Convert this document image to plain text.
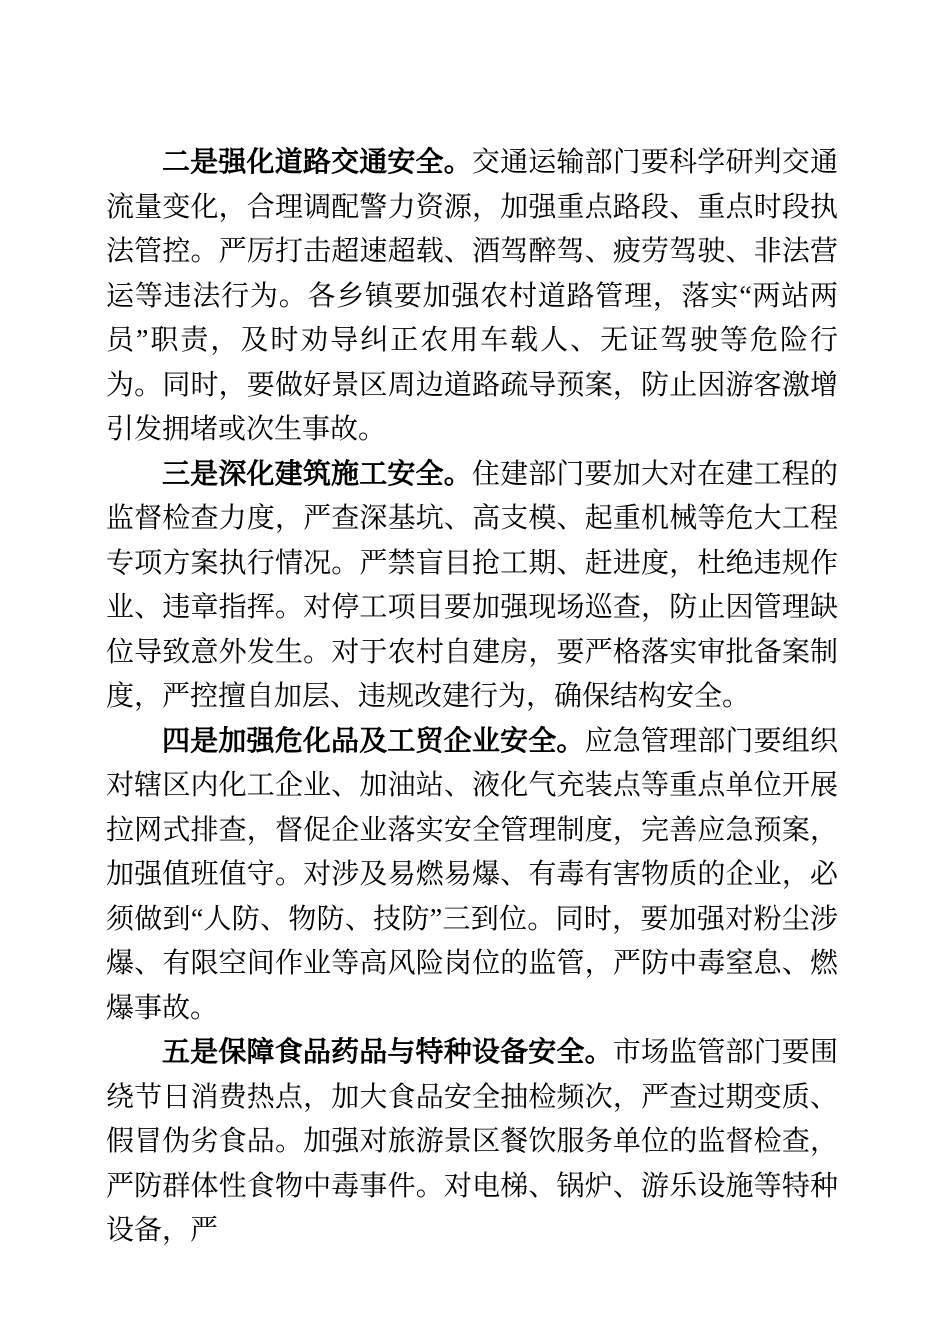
二是强化道路交通安全。交通运输部门要科学研判交通流量变化，合理调配警力资源，加强重点路段、重点时段执法管控。严厉打击超速超载、酒驾醉驾、疲劳驾驶、非法营运等违法行为。各乡镇要加强农村道路管理，落实“两站两员”职责，及时劝导纠正农用车载人、无证驾驶等危险行为。同时，要做好景区周边道路疏导预案，防止因游客激增引发拥堵或次生事故。

三是深化建筑施工安全。住建部门要加大对在建工程的监督检查力度，严查深基坑、高支模、起重机械等危大工程专项方案执行情况。严禁盲目抢工期、赶进度，杜绝违规作业、违章指挥。对停工项目要加强现场巡查，防止因管理缺位导致意外发生。对于农村自建房，要严格落实审批备案制度，严控擅自加层、违规改建行为，确保结构安全。

四是加强危化品及工贸企业安全。应急管理部门要组织对辖区内化工企业、加油站、液化气充装点等重点单位开展拉网式排查，督促企业落实安全管理制度，完善应急预案，加强值班值守。对涉及易燃易爆、有毒有害物质的企业，必须做到“人防、物防、技防”三到位。同时，要加强对粉尘涉爆、有限空间作业等高风险岗位的监管，严防中毒窒息、燃爆事故。

五是保障食品药品与特种设备安全。市场监管部门要围绕节日消费热点，加大食品安全抽检频次，严查过期变质、假冒伪劣食品。加强对旅游景区餐饮服务单位的监督检查，严防群体性食物中毒事件。对电梯、锅炉、游乐设施等特种设备，严
